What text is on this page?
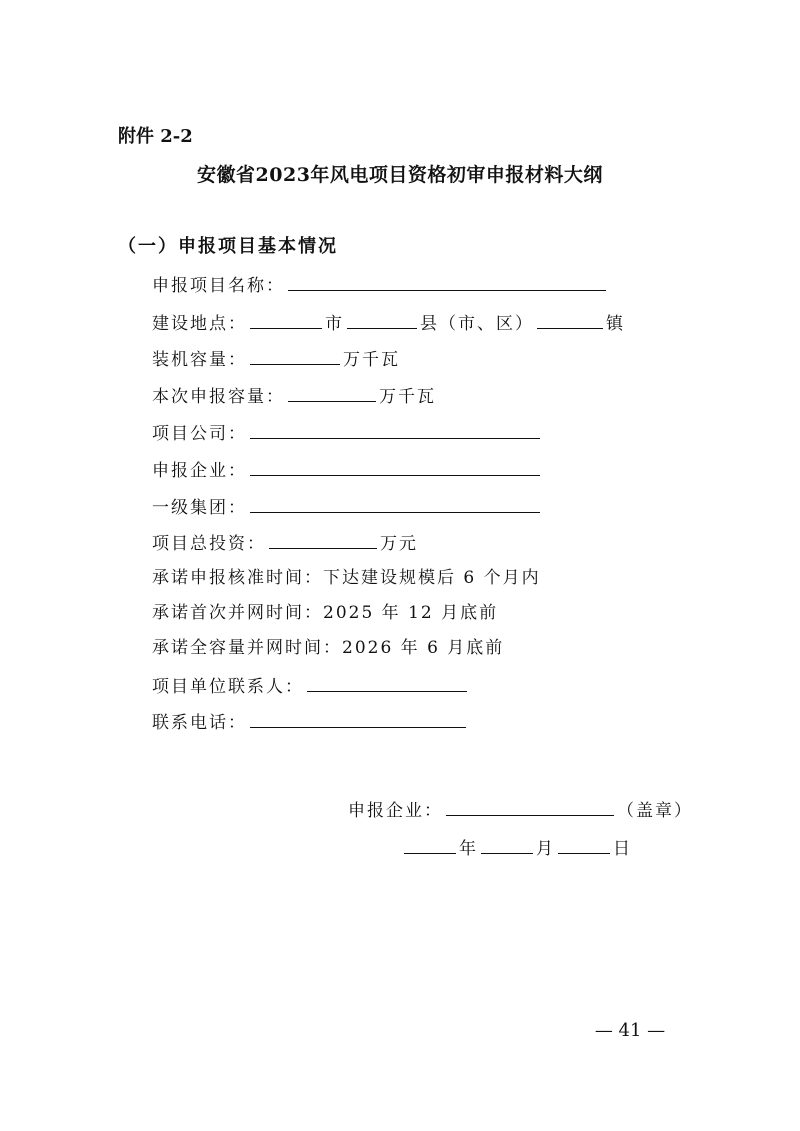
附件 2-2
安徽省2023年风电项目资格初审申报材料大纲
（一）申报项目基本情况
申报项目名称：
建设地点：	市	县（市、区）	镇
装机容量：	万千瓦
本次申报容量：	万千瓦
项目公司：
申报企业：
一级集团：
项目总投资：	万元
承诺申报核准时间：下达建设规模后 6 个月内
承诺首次并网时间：2025 年 12 月底前
承诺全容量并网时间：2026 年 6 月底前
项目单位联系人：
联系电话：
申报企业：	（盖章）
年	月	日
— 41 —
